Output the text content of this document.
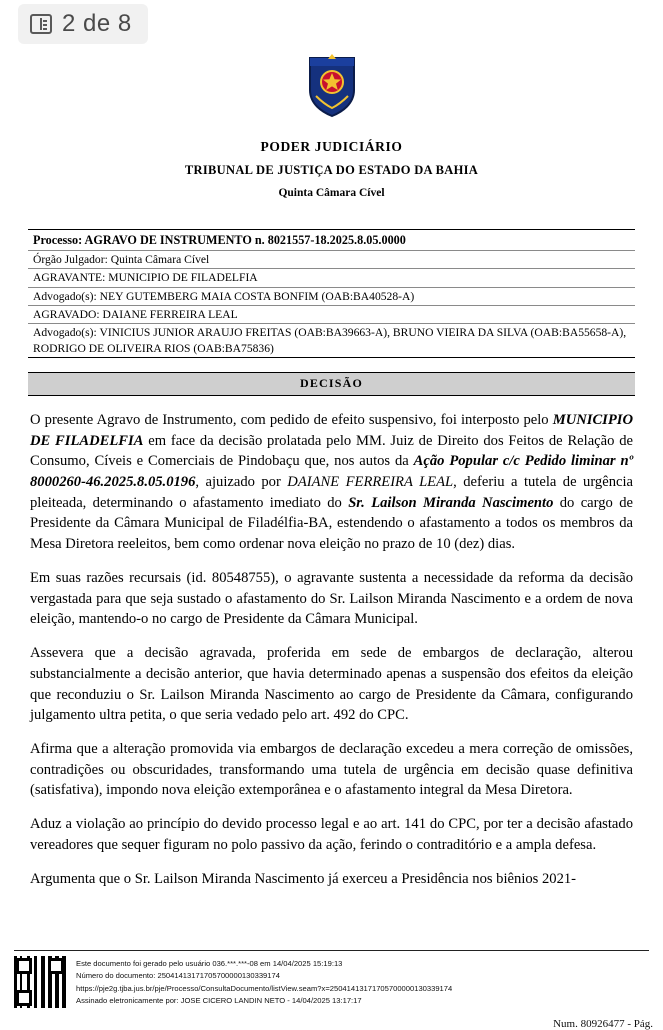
2 de 8
PODER JUDICIÁRIO
TRIBUNAL DE JUSTIÇA DO ESTADO DA BAHIA
Quinta Câmara Cível
Processo: AGRAVO DE INSTRUMENTO n. 8021557-18.2025.8.05.0000
Órgão Julgador: Quinta Câmara Cível
AGRAVANTE: MUNICIPIO DE FILADELFIA
Advogado(s): NEY GUTEMBERG MAIA COSTA BONFIM (OAB:BA40528-A)
AGRAVADO: DAIANE FERREIRA LEAL
Advogado(s): VINICIUS JUNIOR ARAUJO FREITAS (OAB:BA39663-A), BRUNO VIEIRA DA SILVA (OAB:BA55658-A), RODRIGO DE OLIVEIRA RIOS (OAB:BA75836)
DECISÃO

O presente Agravo de Instrumento, com pedido de efeito suspensivo, foi interposto pelo MUNICIPIO DE FILADELFIA em face da decisão prolatada pelo MM. Juiz de Direito dos Feitos de Relação de Consumo, Cíveis e Comerciais de Pindobaçu que, nos autos da Ação Popular c/c Pedido liminar nº 8000260-46.2025.8.05.0196, ajuizado por DAIANE FERREIRA LEAL, deferiu a tutela de urgência pleiteada, determinando o afastamento imediato do Sr. Lailson Miranda Nascimento do cargo de Presidente da Câmara Municipal de Filadélfia-BA, estendendo o afastamento a todos os membros da Mesa Diretora reeleitos, bem como ordenar nova eleição no prazo de 10 (dez) dias.

Em suas razões recursais (id. 80548755), o agravante sustenta a necessidade da reforma da decisão vergastada para que seja sustado o afastamento do Sr. Lailson Miranda Nascimento e a ordem de nova eleição, mantendo-o no cargo de Presidente da Câmara Municipal.

Assevera que a decisão agravada, proferida em sede de embargos de declaração, alterou substancialmente a decisão anterior, que havia determinado apenas a suspensão dos efeitos da eleição que reconduziu o Sr. Lailson Miranda Nascimento ao cargo de Presidente da Câmara, configurando julgamento ultra petita, o que seria vedado pelo art. 492 do CPC.

Afirma que a alteração promovida via embargos de declaração excedeu a mera correção de omissões, contradições ou obscuridades, transformando uma tutela de urgência em decisão quase definitiva (satisfativa), impondo nova eleição extemporânea e o afastamento integral da Mesa Diretora.

Aduz a violação ao princípio do devido processo legal e ao art. 141 do CPC, por ter a decisão afastado vereadores que sequer figuram no polo passivo da ação, ferindo o contraditório e a ampla defesa.

Argumenta que o Sr. Lailson Miranda Nascimento já exerceu a Presidência nos biênios 2021-

Este documento foi gerado pelo usuário 036.***.***-08 em 14/04/2025 15:19:13
Número do documento: 25041413171705700000130339174
https://pje2g.tjba.jus.br/pje/Processo/ConsultaDocumento/listView.seam?x=25041413171705700000130339174
Assinado eletronicamente por: JOSE CICERO LANDIN NETO - 14/04/2025 13:17:17
Num. 80926477 - Pág.
